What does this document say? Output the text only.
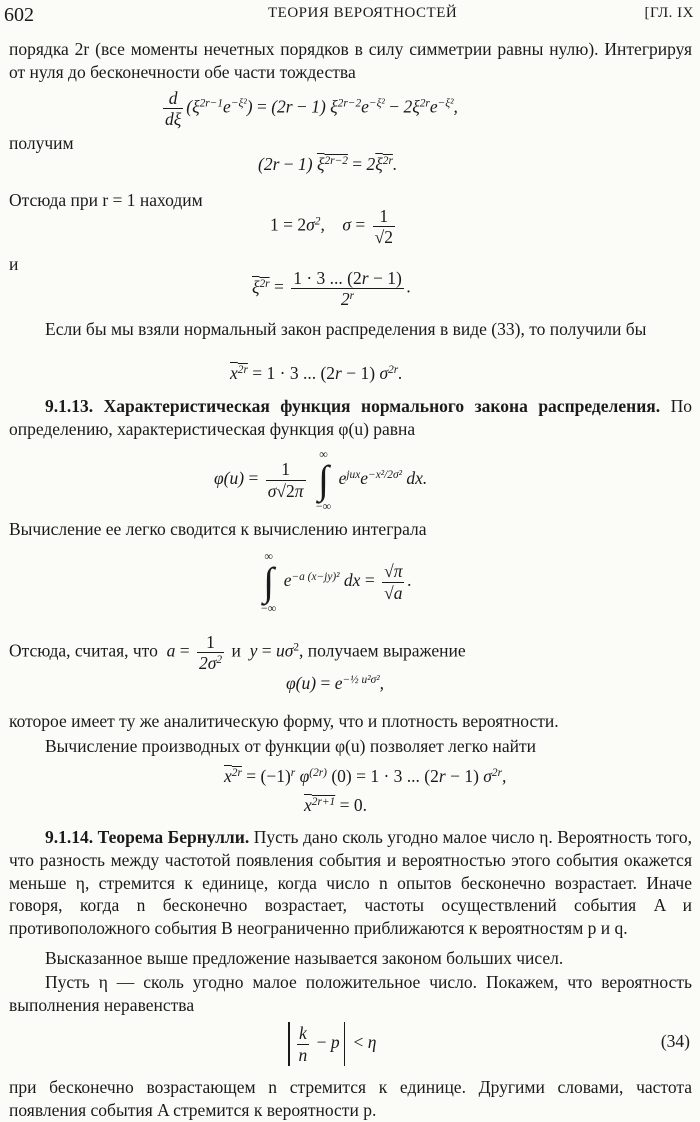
602	ТЕОРИЯ ВЕРОЯТНОСТЕЙ	[ГЛ. IX

порядка 2r (все моменты нечетных порядков в силу симметрии равны нулю). Интегрируя от нуля до бесконечности обе части тождества

$\frac{d}{d\xi} (\xi^{2r-1}e^{-\xi^2}) = (2r - 1) \xi^{2r-2}e^{-\xi^2} - 2\xi^{2r}e^{-\xi^2}$,

получим

(2r − 1) $\xi^{2r-2} = 2\xi^{2r}$.

Отсюда при r = 1 находим

$1 = 2\sigma^2$,    $\sigma = \frac{1}{√2}$

и

$\xi^{2r} = \frac{1 \cdot 3 ... (2r - 1)}{2^r}$ .

Если бы мы взяли нормальный закон распределения в виде (33), то получили бы

$x^{2r} = 1 \cdot 3$ ... (2r − 1) $\sigma^{2r}$.

9.1.13. Характеристическая функция нормального закона распределения. По определению, характеристическая функция φ(u) равна

$\varphi(u) = \frac{1}{\sigma√2\pi}$

∞
∫
−∞
$e^{jux}e^{-x^2/2\sigma^2}$ dx.

Вычисление ее легко сводится к вычислению интеграла

∞
∫
−∞
$e^{-a (x-jy)^2}$ dx = $\frac{√\pi}{√a}$ .
Отсюда, считая, что  $a = \frac{1}{2\sigma^2}$ и  $y = u\sigma^2$, получаем выражение
$\varphi(u) = e^{-\frac{1}{2} u^2\sigma^2}$,

которое имеет ту же аналитическую форму, что и плотность вероятности.

Вычисление производных от функции φ(u) позволяет легко найти

$x^{2r} = (-1)^r$ $\varphi^{(2r)}$ (0) = 1 · 3 ... (2r − 1) $\sigma^{2r}$,
$x^{2r+1} = 0$.

9.1.14. Теорема Бернулли. Пусть дано сколь угодно малое число η. Вероятность того, что разность между частотой появления события и вероятностью этого события окажется меньше η, стремится к единице, когда число n опытов бесконечно возрастает. Иначе говоря, когда n бесконечно возрастает, частоты осуществлений события A и противоположного события B неограниченно приближаются к вероятностям p и q.

Высказанное выше предложение называется законом больших чисел.

Пусть η — сколь угодно малое положительное число. Покажем, что вероятность выполнения неравенства

$\frac{k}{n} - p < \eta$	(34)

при бесконечно возрастающем n стремится к единице. Другими словами, частота появления события A стремится к вероятности p.
